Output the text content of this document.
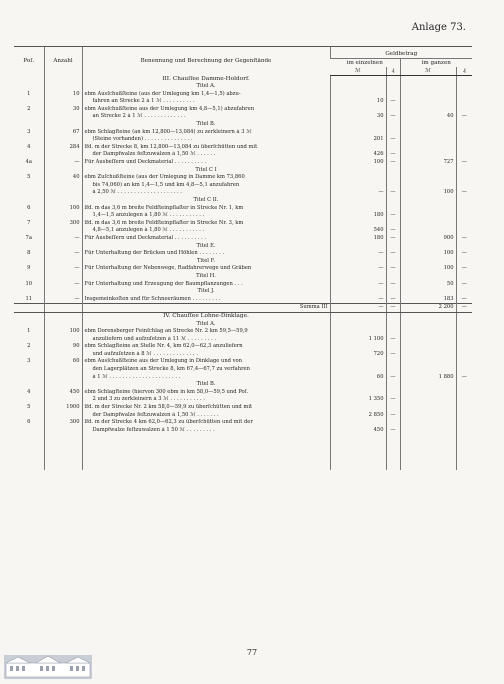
Anlage 73.
Poſ.	Anzahl	Benennung und Berechnung der Gegenſtände	Geldbetrag			
			im einzelnen		im ganzen	
			ℳ	₰	ℳ	₰
		III. Chauſſee Damme-Holdorf.				
		Titel A.				
1	10	ebm Ausſchußſteine (aus der Umlegung km 1,4—1,5) abzu-				
		fahren an Strecke 2 à 1 ℳ . . . . . . . . . .	10	—		
2	30	ebm Ausſchußſteine aus der Umlegung km 4,8—5,1) abzufahren				
		an Strecke 2 à 1 ℳ . . . . . . . . . . . . .	30	—	40	—
		Titel B.				
3	67	ebm Schlagſteine (an km 12,800—13,084) zu zerkleinern à 3 ℳ				
		(Steine vorhanden) . . . . . . . . . . . . . . .	201	—		
4	284	lfd. m der Strecke 8, km 12,800—13,084 zu überſchütten und mit				
		der Dampfwalze feſtzuwalzen à 1,50 ℳ . . . . . .	426	—		
4a	—	Für Ausbeſſern und Deckmaterial . . . . . . . . . .	100	—	727	—
		Titel C I				
5	40	ebm Zuſchußſteine (aus der Umlegung in Damme km 73,860				
		bis 74,060) an km 1,4—1,5 und km 4,8—5,1 anzufahren				
		à 2,50 ℳ . . . . . . . . . . . . . . . . . . . .	—	—	100	—
		Titel C II.				
6	100	lfd. m das 3,6 m breite Feldſteinpflaſter in Strecke Nr. 1, km				
		1,4—1,5 anzulegen à 1,80 ℳ . . . . . . . . . . .	180	—		
7	300	lfd. m das 3,6 m breite Feldſteinpflaſter in Strecke Nr. 3, km				
		4,8—5,1 anzulegen à 1,80 ℳ . . . . . . . . . . .	540	—		
7a	—	Für Ausbeſſern und Deckmaterial . . . . . . . . . .	180	—	900	—
		Titel E.				
8	—	Für Unterhaltung der Brücken und Höhlen . . . . . . . .	—	—	100	—
		Titel F.				
9	—	Für Unterhaltung der Nebenwege, Radfahrerwege und Gräben	—	—	100	—
		Titel H.				
10	—	Für Unterhaltung und Erzeugung der Baumpflanzungen . . .	—	—	50	—
		Titel J.				
11	—	Insgemeinkoſten und für Schneeräumen . . . . . . . . .	—	—	183	—
		Summa III	—	—	2 200	—
		IV. Chauſſee Lohne-Dinklage.				
		Titel A.				
1	100	ebm Dorensberger Feinſchlag an Strecke Nr. 2 km 59,5—59,9				
		anzuliefern und aufzuſetzen à 11 ℳ . . . . . . . . .	1 100	—		
2	90	ebm Schlagſteine an Stelle Nr. 4, km 62,0—62,3 anzuliefern				
		und aufzuſetzen à 8 ℳ . . . . . . . . . . . . . .	720	—		
3	60	ebm Ausſchußſteine aus der Umlegung in Dinklage und von				
		den Lagerplätzen an Strecke 8, km 67,4—67,7 zu verfahren				
		à 1 ℳ . . . . . . . . . . . . . . . . . . . . . .	60	—	1 880	—
		Titel B.				
4	450	ebm Schlagſteine (hiervon 300 ebm in km 58,0—59,5 und Poſ.				
		2 und 3 zu zerkleinern à 3 ℳ . . . . . . . . . . .	1 350	—		
5	1900	lfd. m der Strecke Nr. 2 km 58,0—59,9 zu überſchütten und mit				
		der Dampfwalze feſtzuwalzen à 1,50 ℳ . . . . . . .	2 850	—		
6	300	lfd. m der Strecke 4 km 62,0—62,3 zu überſchütten und mit der				
		Dampfwalze feſtzuwalzen à 1 50 ℳ . . . . . . . . .	450	—		

77
